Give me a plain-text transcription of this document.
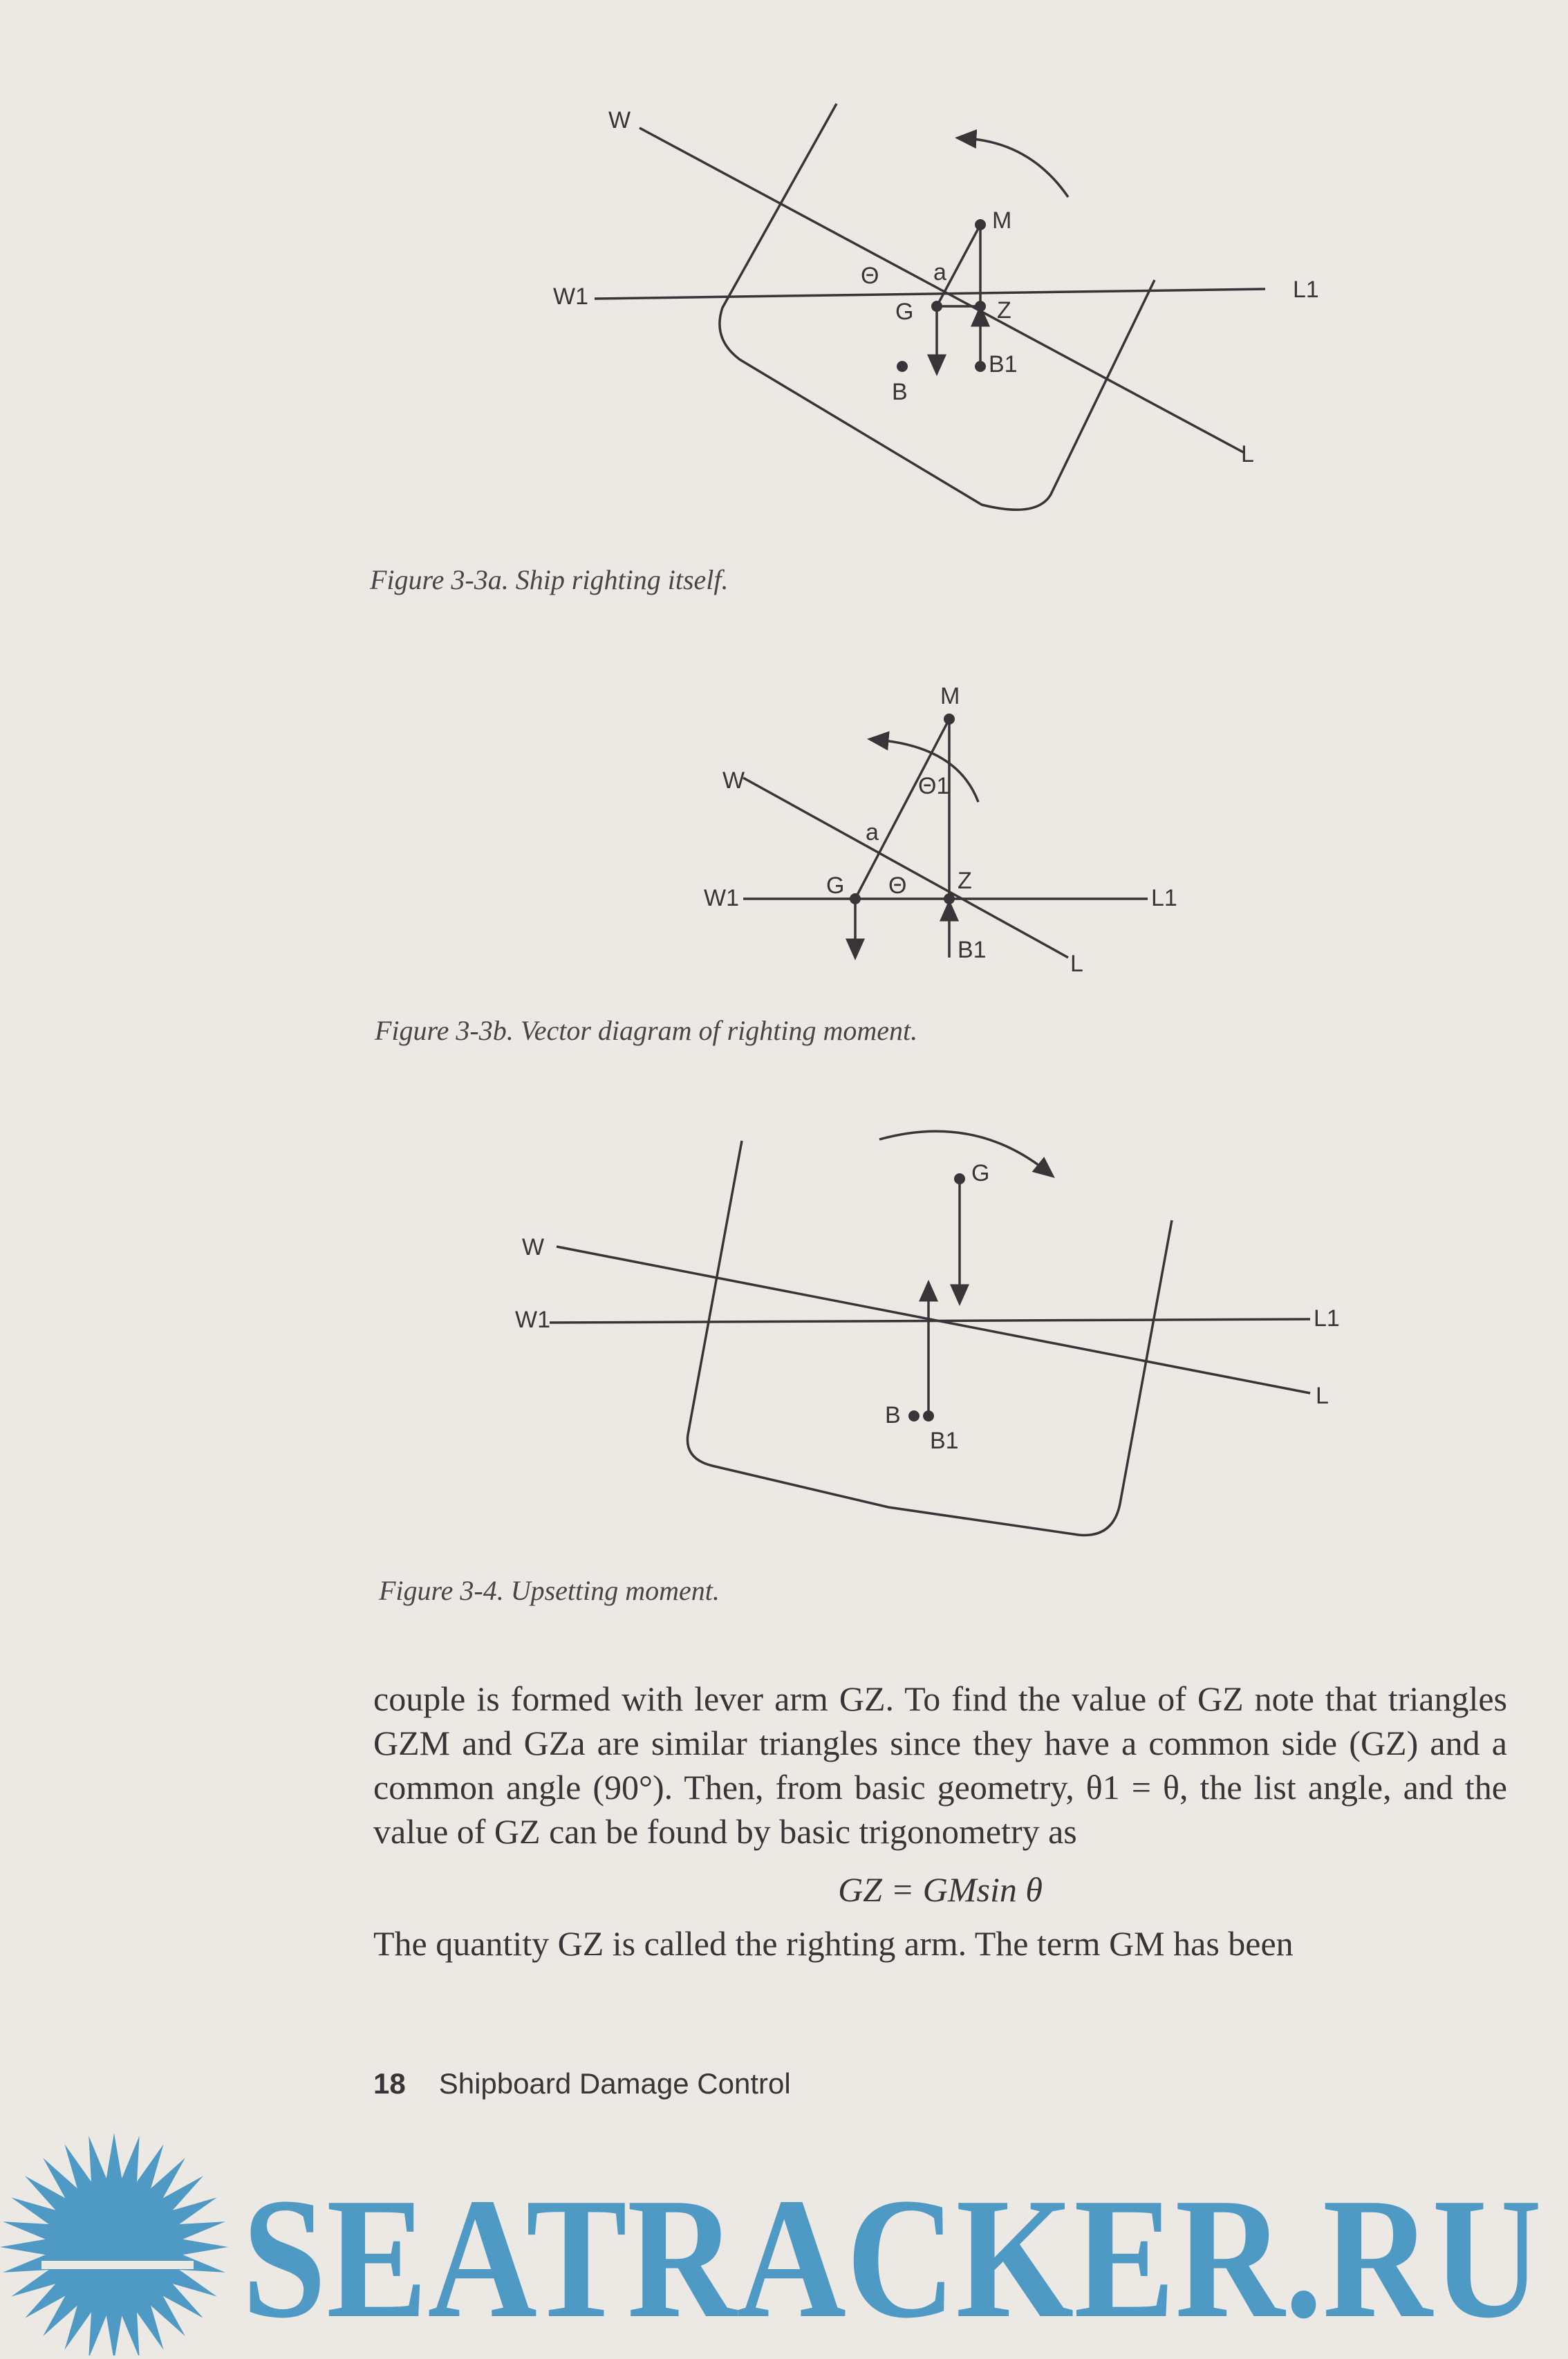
W
W1	L1
L
M
a
Θ
G	Z
B1
B
Figure 3-3a. Ship righting itself.
M
W	Θ1
a
G Θ Z
W1	L1
B1
L
Figure 3-3b. Vector diagram of righting moment.
G
W
W1	L1
L
B
B1
Figure 3-4. Upsetting moment.

couple is formed with lever arm GZ. To find the value of GZ note that triangles GZM and GZa are similar triangles since they have a common side (GZ) and a common angle (90°). Then, from basic geometry, θ1 = θ, the list angle, and the value of GZ can be found by basic trigonometry as

GZ = GMsin θ

The quantity GZ is called the righting arm. The term GM has been

18 Shipboard Damage Control
SEATRACKER.RU
